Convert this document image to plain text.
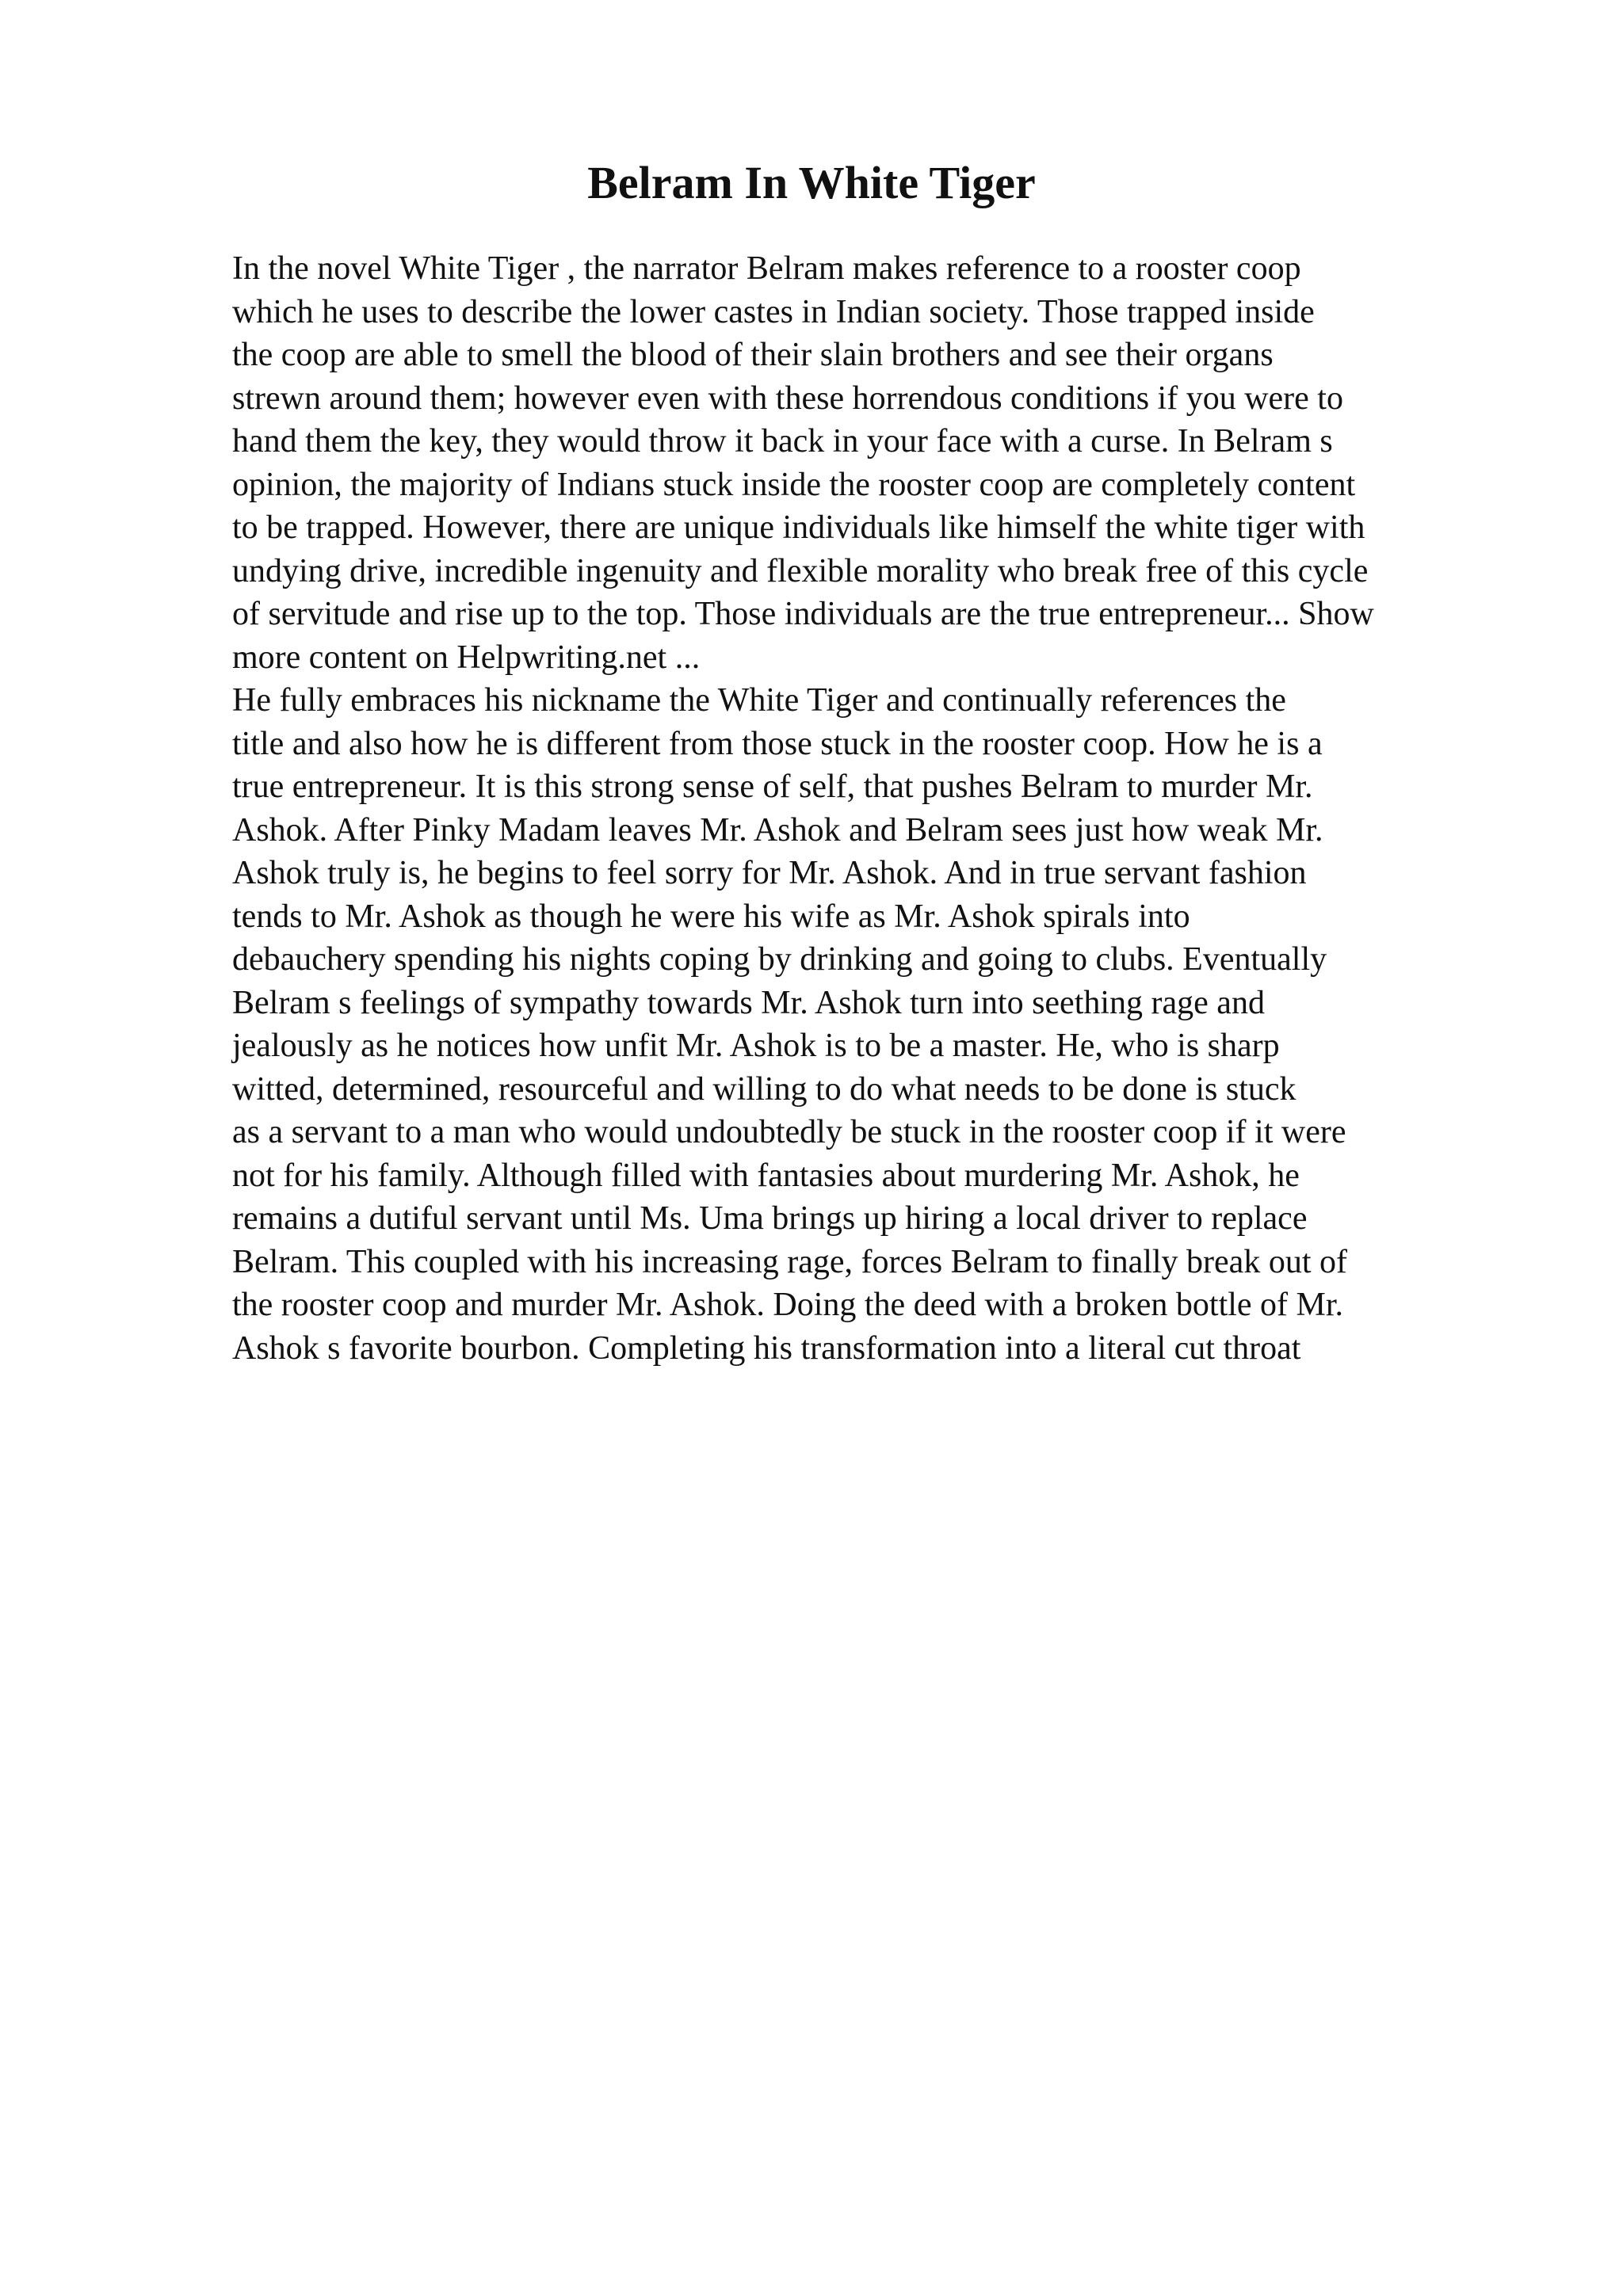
Belram In White Tiger
In the novel White Tiger , the narrator Belram makes reference to a rooster coop
which he uses to describe the lower castes in Indian society. Those trapped inside
the coop are able to smell the blood of their slain brothers and see their organs
strewn around them; however even with these horrendous conditions if you were to
hand them the key, they would throw it back in your face with a curse. In Belram s
opinion, the majority of Indians stuck inside the rooster coop are completely content
to be trapped. However, there are unique individuals like himself the white tiger with
undying drive, incredible ingenuity and flexible morality who break free of this cycle
of servitude and rise up to the top. Those individuals are the true entrepreneur... Show
more content on Helpwriting.net ...
He fully embraces his nickname the White Tiger and continually references the
title and also how he is different from those stuck in the rooster coop. How he is a
true entrepreneur. It is this strong sense of self, that pushes Belram to murder Mr.
Ashok. After Pinky Madam leaves Mr. Ashok and Belram sees just how weak Mr.
Ashok truly is, he begins to feel sorry for Mr. Ashok. And in true servant fashion
tends to Mr. Ashok as though he were his wife as Mr. Ashok spirals into
debauchery spending his nights coping by drinking and going to clubs. Eventually
Belram s feelings of sympathy towards Mr. Ashok turn into seething rage and
jealously as he notices how unfit Mr. Ashok is to be a master. He, who is sharp
witted, determined, resourceful and willing to do what needs to be done is stuck
as a servant to a man who would undoubtedly be stuck in the rooster coop if it were
not for his family. Although filled with fantasies about murdering Mr. Ashok, he
remains a dutiful servant until Ms. Uma brings up hiring a local driver to replace
Belram. This coupled with his increasing rage, forces Belram to finally break out of
the rooster coop and murder Mr. Ashok. Doing the deed with a broken bottle of Mr.
Ashok s favorite bourbon. Completing his transformation into a literal cut throat
